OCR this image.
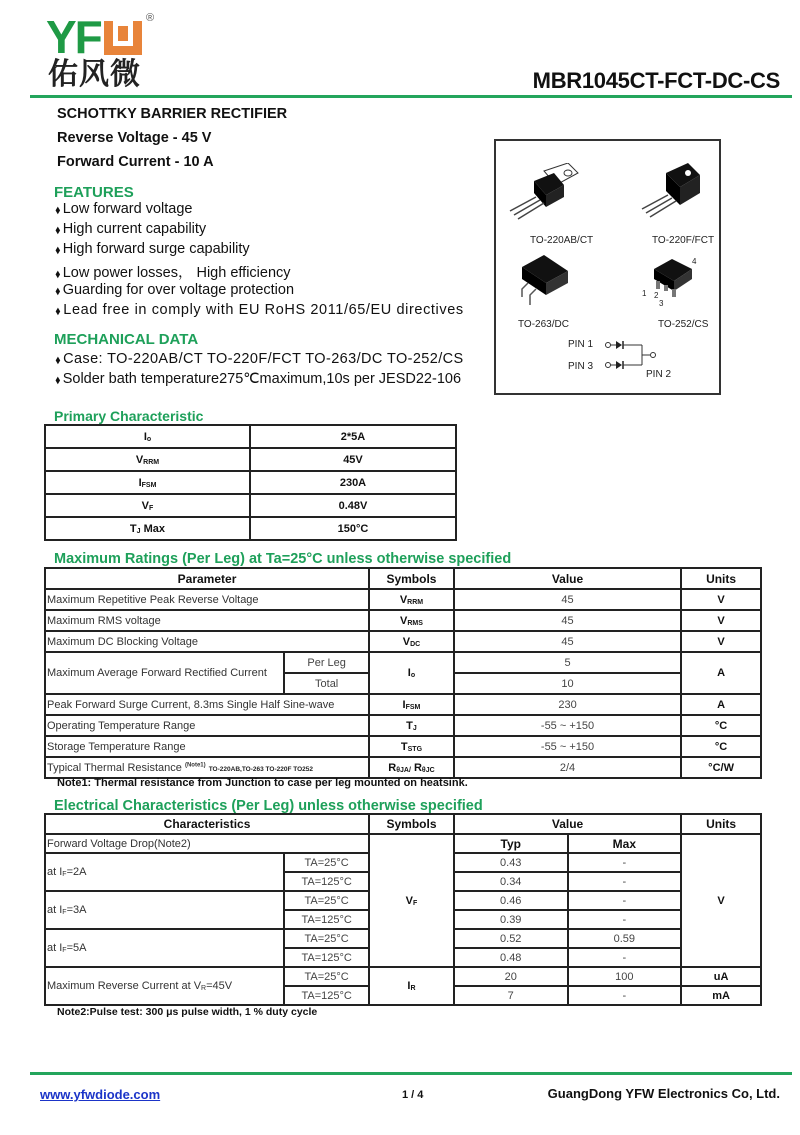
YF	®
佑风微	MBR1045CT-FCT-DC-CS
SCHOTTKY BARRIER RECTIFIER
Reverse Voltage - 45 V
Forward Current - 10 A
FEATURES
◆ Low forward voltage
◆ High current capability
◆ High forward surge capability
◆ Low power losses， High efficiency
◆ Guarding for over voltage protection
◆ Lead free in comply with EU RoHS 2011/65/EU directives
MECHANICAL DATA
◆ Case: TO-220AB/CT TO-220F/FCT TO-263/DC TO-252/CS
◆ Solder bath temperature275℃maximum,10s per JESD22-106
TO-220AB/CT	TO-220F/FCT
TO-263/DC
4
1 2
3
TO-252/CS
PIN 1
PIN 3
PIN 2
Primary Characteristic
$I_o$	2*5A
$V_{RRM}$	45V
$I_{FSM}$	230A
$V_F$	0.48V
$T_J$ Max	150°C
Maximum Ratings (Per Leg) at Ta=25°C unless otherwise specified
Parameter		Symbols	Value	Units
Maximum Repetitive Peak Reverse Voltage		$V_{RRM}$	45	V
Maximum RMS voltage		$V_{RMS}$	45	V
Maximum DC Blocking Voltage		$V_{DC}$	45	V
Maximum Average Forward Rectified Current	Per Leg	$I_o$	5	A
	Total		10	
Peak Forward Surge Current, 8.3ms Single Half Sine-wave		$I_{FSM}$	230	A
Operating Temperature Range		$T_J$	-55 ~ +150	°C
Storage Temperature Range		$T_{STG}$	-55 ~ +150	°C
Typical Thermal Resistance $^{(Note1)}$ TO-220AB,TO-263 TO-220F TO252		$R_{\theta JA/}$ $R_{\theta JC}$	2/4	°C/W
Note1: Thermal resistance from Junction to case per leg mounted on heatsink.
Electrical Characteristics (Per Leg) unless otherwise specified
Characteristics		Symbols	Value		Units
Forward Voltage Drop(Note2)		$V_F$	Typ	Max	V
at $I_F=2A$	TA=25°C		0.43	-	
	TA=125°C		0.34	-	
at $I_F=3A$	TA=25°C		0.46	-	
	TA=125°C		0.39	-	
at $I_F=5A$	TA=25°C		0.52	0.59	
	TA=125°C		0.48	-	
Maximum Reverse Current at $V_R=45V$	TA=25°C	$I_R$	20	100	uA
	TA=125°C		7	-	mA
Note2:Pulse test: 300 μs pulse width, 1 % duty cycle
www.yfwdiode.com	1 / 4	GuangDong YFW Electronics Co, Ltd.
